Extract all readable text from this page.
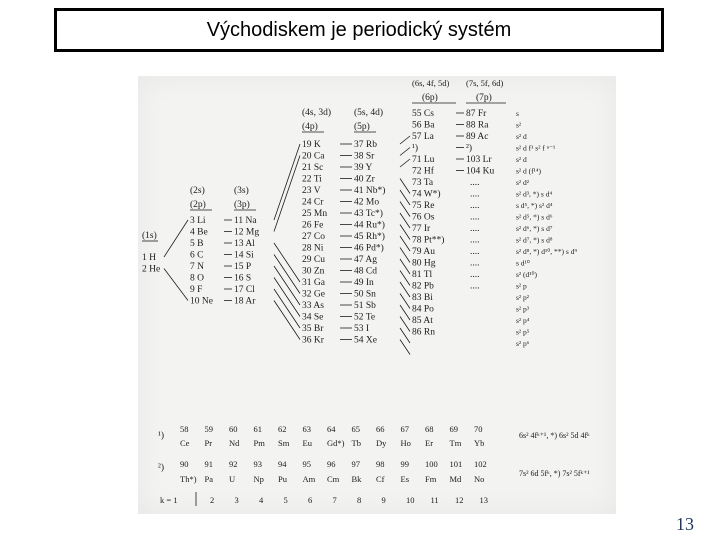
Východiskem je periodický systém
(1s)
1 H
2 He
(2s)
(2p)
3 Li
4 Be
5 B
6 C
7 N
8 O
9 F
10 Ne
(3s)
(3p)
11 Na
12 Mg
13 Al
14 Si
15 P
16 S
17 Cl
18 Ar
(4s, 3d)
(4p)
19 K
20 Ca
21 Sc
22 Ti
23 V
24 Cr
25 Mn
26 Fe
27 Co
28 Ni
29 Cu
30 Zn
31 Ga
32 Ge
33 As
34 Se
35 Br
36 Kr
(5s, 4d)
(5p)
37 Rb
38 Sr
39 Y
40 Zr
41 Nb*)
42 Mo
43 Tc*)
44 Ru*)
45 Rh*)
46 Pd*)
47 Ag
48 Cd
49 In
50 Sn
51 Sb
52 Te
53 I
54 Xe
(6s, 4f, 5d)
(6p)
55 Cs
56 Ba
57 La
¹)
71 Lu
72 Hf
73 Ta
74 W*)
75 Re
76 Os
77 Ir
78 Pt**)
79 Au
80 Hg
81 Tl
82 Pb
83 Bi
84 Po
85 At
86 Rn
(7s, 5f, 6d)
(7p)
87 Fr
88 Ra
89 Ac
²)
103 Lr
104 Ku
....
....
....
....
....
....
....
....
....
....
s
s²
s² d
s² d f¹ s² f ⁿ⁻¹
s² d
s² d (f¹⁴)
s² d²
s² d³, *) s d⁴
s d⁵, *) s² d⁴
s² d⁵, *) s d⁶
s² d⁶, *) s d⁷
s² d⁷, *) s d⁸
s² d⁸, *) d¹⁰, **) s d⁹
s d¹⁰
s² (d¹⁰)
s² p
s² p²
s² p³
s² p⁴
s² p⁵
s² p⁶
¹)
²)
k = 1
58 59 60 61 62 63 64 65 66 67 68 69 70
Ce Pr Nd Pm Sm Eu Gd*) Tb Dy Ho Er Tm Yb
90 91 92 93 94 95 96 97 98 99 100 101 102
Th*) Pa U Np Pu Am Cm Bk Cf Es Fm Md No
2 3 4 5 6 7 8 9 10 11 12 13
6s² 4fᵏ⁺¹, *) 6s² 5d 4fᵏ
7s² 6d 5fᵏ, *) 7s² 5fᵏ⁺¹
13
